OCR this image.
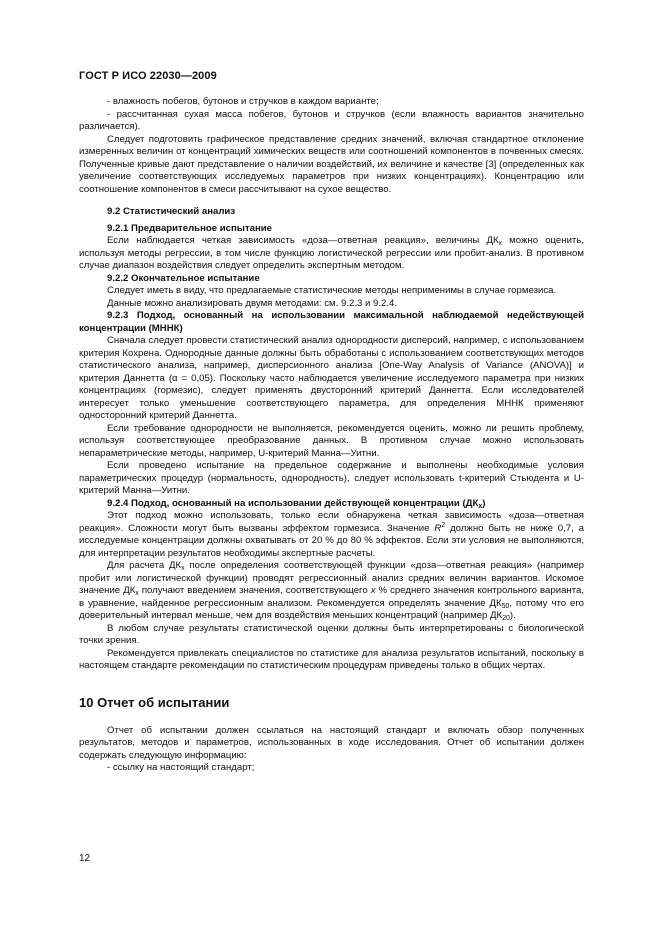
ГОСТ Р ИСО 22030—2009

- влажность побегов, бутонов и стручков в каждом варианте;

- рассчитанная сухая масса побегов, бутонов и стручков (если влажность вариантов значительно различается).

Следует подготовить графическое представление средних значений, включая стандартное отклонение измеренных величин от концентраций химических веществ или соотношений компонентов в почвенных смесях. Полученные кривые дают представление о наличии воздействий, их величине и качестве [3] (определенных как увеличение соответствующих исследуемых параметров при низких концентрациях). Концентрацию или соотношение компонентов в смеси рассчитывают на сухое вещество.

9.2 Статистический анализ

9.2.1 Предварительное испытание

Если наблюдается четкая зависимость «доза—ответная реакция», величины $ДК_x$ можно оценить, используя методы регрессии, в том числе функцию логистической регрессии или пробит-анализ. В противном случае диапазон воздействия следует определить экспертным методом.

9.2.2 Окончательное испытание

Следует иметь в виду, что предлагаемые статистические методы неприменимы в случае гормезиса.

Данные можно анализировать двумя методами: см. 9.2.3 и 9.2.4.

9.2.3 Подход, основанный на использовании максимальной наблюдаемой недействующей концентрации (МННК)

Сначала следует провести статистический анализ однородности дисперсий, например, с использованием критерия Кохрена. Однородные данные должны быть обработаны с использованием соответствующих методов статистического анализа, например, дисперсионного анализа [One-Way Analysis of Variance (ANOVA)] и критерия Даннетта (α = 0,05). Поскольку часто наблюдается увеличение исследуемого параметра при низких концентрациях (гормезис), следует применять двусторонний критерий Даннетта. Если исследователей интересует только уменьшение соответствующего параметра, для определения МННК применяют односторонний критерий Даннетта.

Если требование однородности не выполняется, рекомендуется оценить, можно ли решить проблему, используя соответствующее преобразование данных. В противном случае можно использовать непараметрические методы, например, U-критерий Манна—Уитни.

Если проведено испытание на предельное содержание и выполнены необходимые условия параметрических процедур (нормальность, однородность), следует использовать t-критерий Стьюдента и U-критерий Манна—Уитни.

9.2.4 Подход, основанный на использовании действующей концентрации $(ДК_x)$

Этот подход можно использовать, только если обнаружена четкая зависимость «доза—ответная реакция». Сложности могут быть вызваны эффектом гормезиса. Значение $R^2$ должно быть не ниже 0,7, а исследуемые концентрации должны охватывать от 20 % до 80 % эффектов. Если эти условия не выполняются, для интерпретации результатов необходимы экспертные расчеты.

Для расчета $ДК_x$ после определения соответствующей функции «доза—ответная реакция» (например пробит или логистической функции) проводят регрессионный анализ средних величин вариантов. Искомое значение $ДК_x$ получают введением значения, соответствующего x % среднего значения контрольного варианта, в уравнение, найденное регрессионным анализом. Рекомендуется определять значение $ДК_{50}$, потому что его доверительный интервал меньше, чем для воздействия меньших концентраций (например $ДК_{20}$).

В любом случае результаты статистической оценки должны быть интерпретированы с биологической точки зрения.

Рекомендуется привлекать специалистов по статистике для анализа результатов испытаний, поскольку в настоящем стандарте рекомендации по статистическим процедурам приведены только в общих чертах.

10 Отчет об испытании

Отчет об испытании должен ссылаться на настоящий стандарт и включать обзор полученных результатов, методов и параметров, использованных в ходе исследования. Отчет об испытании должен содержать следующую информацию:

- ссылку на настоящий стандарт;

12
